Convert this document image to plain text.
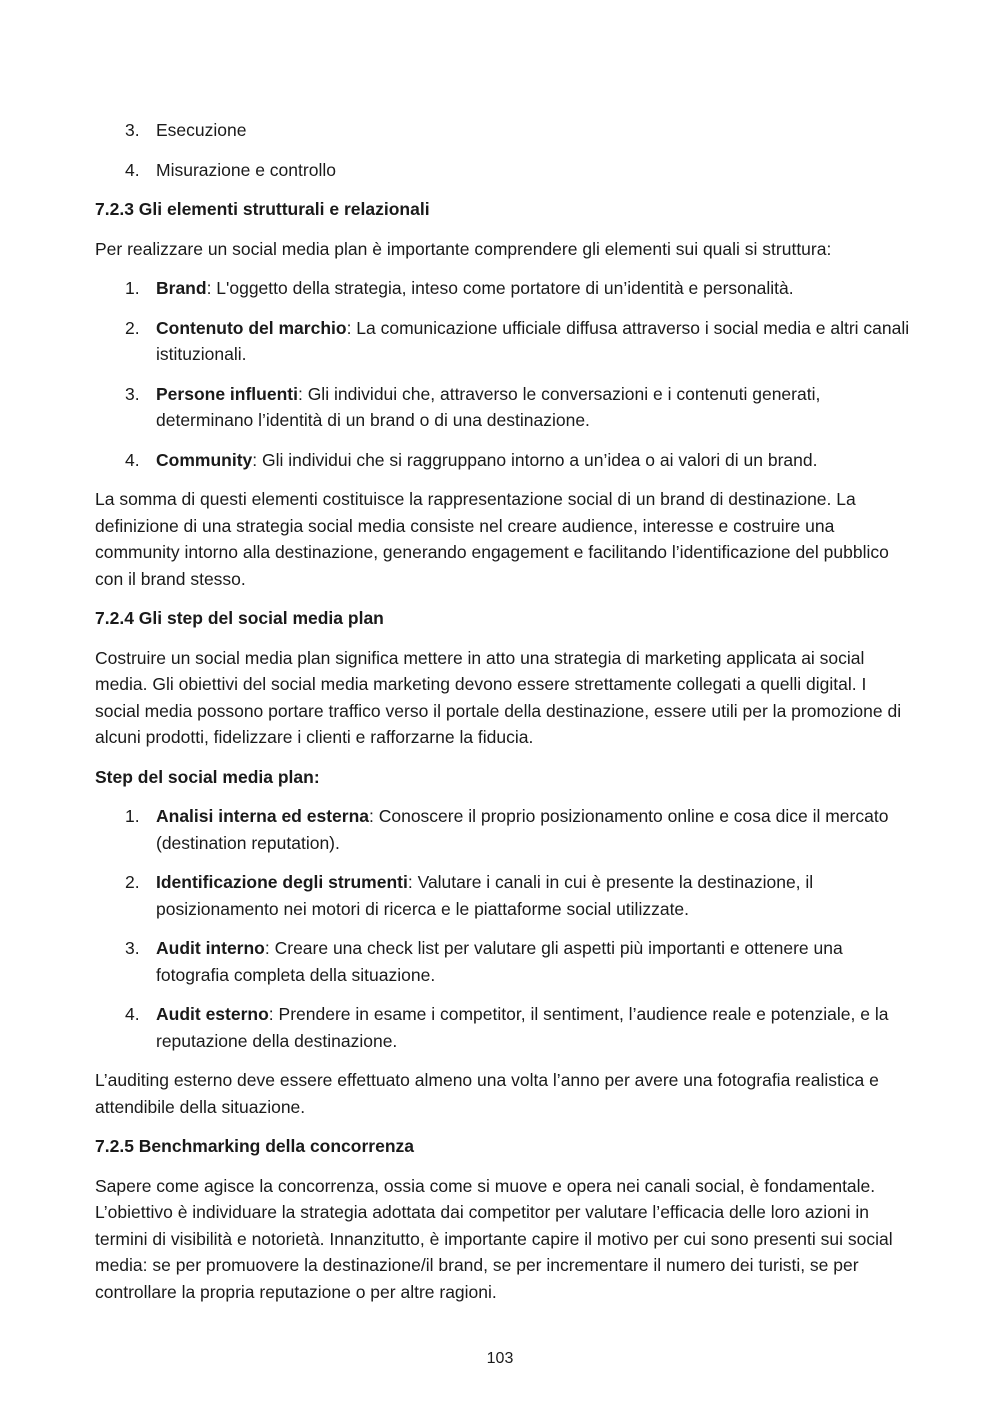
3. Esecuzione
4. Misurazione e controllo
7.2.3 Gli elementi strutturali e relazionali

Per realizzare un social media plan è importante comprendere gli elementi sui quali si struttura:

1. Brand: L'oggetto della strategia, inteso come portatore di un’identità e personalità.
2. Contenuto del marchio: La comunicazione ufficiale diffusa attraverso i social media e altri canali istituzionali.
3. Persone influenti: Gli individui che, attraverso le conversazioni e i contenuti generati, determinano l’identità di un brand o di una destinazione.
4. Community: Gli individui che si raggruppano intorno a un’idea o ai valori di un brand.

La somma di questi elementi costituisce la rappresentazione social di un brand di destinazione. La definizione di una strategia social media consiste nel creare audience, interesse e costruire una community intorno alla destinazione, generando engagement e facilitando l’identificazione del pubblico con il brand stesso.

7.2.4 Gli step del social media plan

Costruire un social media plan significa mettere in atto una strategia di marketing applicata ai social media. Gli obiettivi del social media marketing devono essere strettamente collegati a quelli digital. I social media possono portare traffico verso il portale della destinazione, essere utili per la promozione di alcuni prodotti, fidelizzare i clienti e rafforzarne la fiducia.

Step del social media plan:

1. Analisi interna ed esterna: Conoscere il proprio posizionamento online e cosa dice il mercato (destination reputation).
2. Identificazione degli strumenti: Valutare i canali in cui è presente la destinazione, il posizionamento nei motori di ricerca e le piattaforme social utilizzate.
3. Audit interno: Creare una check list per valutare gli aspetti più importanti e ottenere una fotografia completa della situazione.
4. Audit esterno: Prendere in esame i competitor, il sentiment, l’audience reale e potenziale, e la reputazione della destinazione.

L’auditing esterno deve essere effettuato almeno una volta l’anno per avere una fotografia realistica e attendibile della situazione.

7.2.5 Benchmarking della concorrenza

Sapere come agisce la concorrenza, ossia come si muove e opera nei canali social, è fondamentale. L’obiettivo è individuare la strategia adottata dai competitor per valutare l’efficacia delle loro azioni in termini di visibilità e notorietà. Innanzitutto, è importante capire il motivo per cui sono presenti sui social media: se per promuovere la destinazione/il brand, se per incrementare il numero dei turisti, se per controllare la propria reputazione o per altre ragioni.

103
